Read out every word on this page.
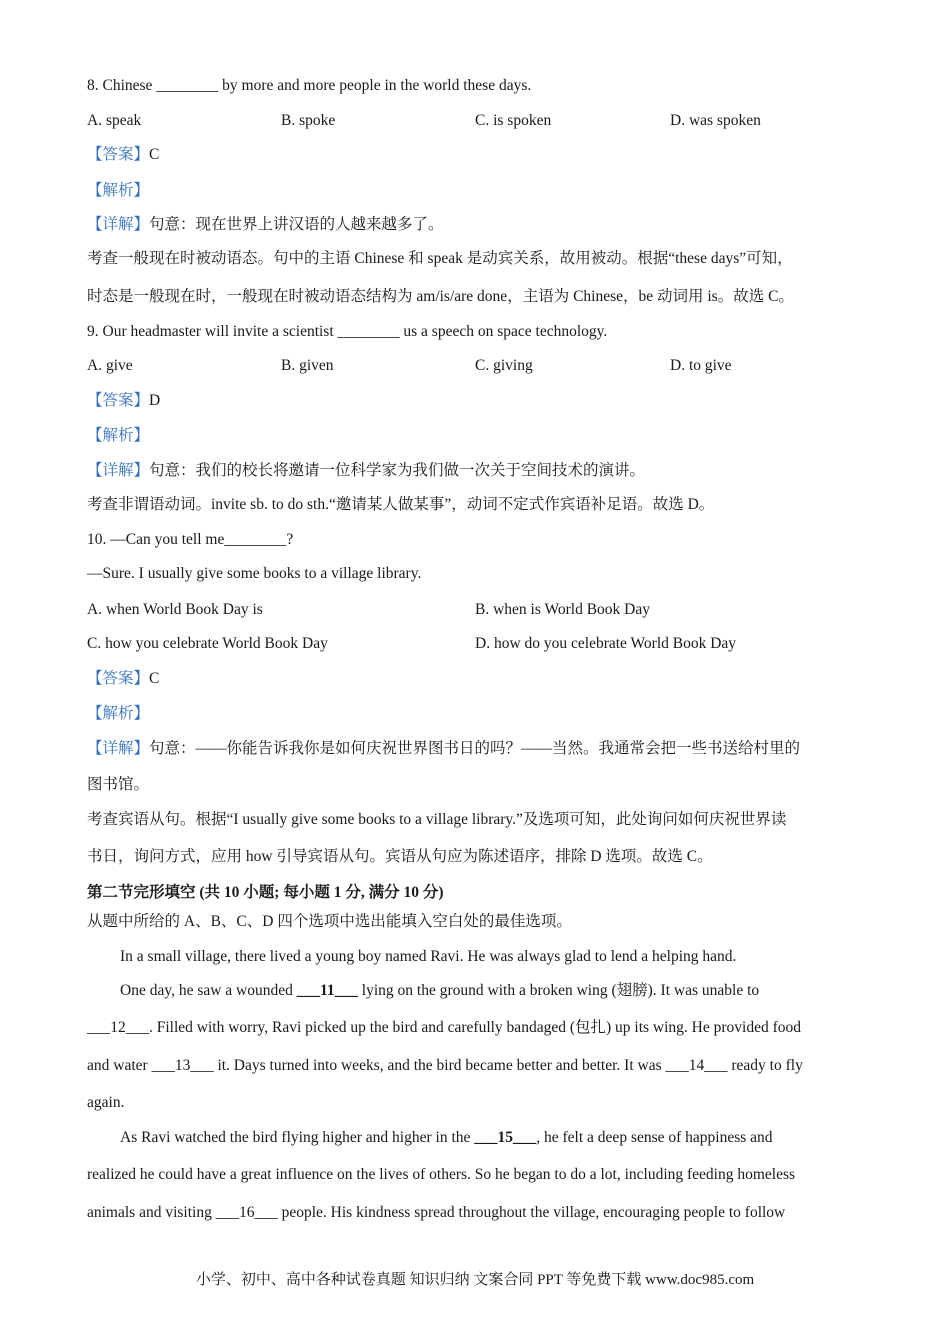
8. Chinese ________ by more and more people in the world these days.
A. speak	B. spoke	C. is spoken	D. was spoken
【答案】C
【解析】
【详解】句意：现在世界上讲汉语的人越来越多了。
考查一般现在时被动语态。句中的主语 Chinese 和 speak 是动宾关系，故用被动。根据“these days”可知，
时态是一般现在时，一般现在时被动语态结构为 am/is/are done，主语为 Chinese，be 动词用 is。故选 C。
9. Our headmaster will invite a scientist ________ us a speech on space technology.
A. give	B. given	C. giving	D. to give
【答案】D
【解析】
【详解】句意：我们的校长将邀请一位科学家为我们做一次关于空间技术的演讲。
考查非谓语动词。invite sb. to do sth.“邀请某人做某事”，动词不定式作宾语补足语。故选 D。
10. —Can you tell me________?
—Sure. I usually give some books to a village library.
A. when World Book Day is	B. when is World Book Day
C. how you celebrate World Book Day	D. how do you celebrate World Book Day
【答案】C
【解析】
【详解】句意：——你能告诉我你是如何庆祝世界图书日的吗？——当然。我通常会把一些书送给村里的
图书馆。
考查宾语从句。根据“I usually give some books to a village library.”及选项可知，此处询问如何庆祝世界读
书日，询问方式，应用 how 引导宾语从句。宾语从句应为陈述语序，排除 D 选项。故选 C。
第二节完形填空 (共 10 小题; 每小题 1 分, 满分 10 分)
从题中所给的 A、B、C、D 四个选项中选出能填入空白处的最佳选项。
In a small village, there lived a young boy named Ravi. He was always glad to lend a helping hand.
One day, he saw a wounded ___11___ lying on the ground with a broken wing (翅膀). It was unable to
___12___. Filled with worry, Ravi picked up the bird and carefully bandaged (包扎) up its wing. He provided food
and water ___13___ it. Days turned into weeks, and the bird became better and better. It was ___14___ ready to fly
again.
As Ravi watched the bird flying higher and higher in the ___15___, he felt a deep sense of happiness and
realized he could have a great influence on the lives of others. So he began to do a lot, including feeding homeless
animals and visiting ___16___ people. His kindness spread throughout the village, encouraging people to follow
小学、初中、高中各种试卷真题 知识归纳 文案合同 PPT 等免费下载 www.doc985.com
